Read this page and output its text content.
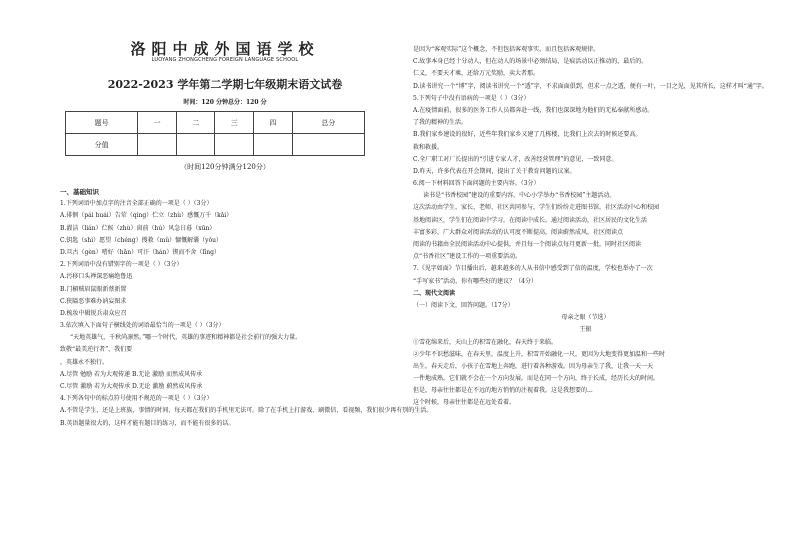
洛阳中成外国语学校
LUOYANG ZHONGCHENG FOREIGN LANGUAGE SCHOOL
2022-2023 学年第二学期七年级期末语文试卷
时间：120 分钟总分：120 分
题号	一	二	三	四	总分
分值					
（时间120分钟满分120分）
一、基础知识
1.下列词语中加点字的注音全部正确的一项是（ ）（3分）
A.徘徊（pái huái）告荤（qíng）伫立（zhù）感慨万千（kǎi）
B.濯洁（lián）伫候（zhù）窗前（hú）风急日暮（xūn）
C.钥匙（shi）愿望（chéng）搜救（mǔ）慷慨解囊（yǒu）
D.旦古（gèn）嗜好（hǎn）可汗（hán）锲而不舍（lǐng）
2.下列词语中没有错别字的一项是（ ）（3分）
A.污移口头禅深恶痛绝鲁迅
B.门楣贼眉鼠眼新蔡新置
C.狭隘恶事难办讷妄图求
D.梳妆中辑锐兵肃众应召
3.依次填入下面句子横线处的词语最恰当的一项是（ ）（3分）
“天地英雄气，千秋尚凛然。”哪一个时代，英雄的事迹和精神都是社会前行的强大力量。
致敬“最美逆行者”，我们要
，英雄永不独行。
A.尽管 勉励 若为大观传递 B.无论 激励 而然成风传承
C.尽管 激励 若为大观传承 D.无论 激励 蔚然成风传承
4.下列各句中的标点符号使用不规范的一项是（ ）（3分）
A.不管是学生，还是上班族，事情的时间，每天都在我们的手机里无法可。除了在手机上打游戏、刷微信、看视频，我们很少再有别的生活。
B.英语题量很大的，这样才能有题目的练习，而不能有很多的话。
是因为“客观实际”这个概念，不但包括客观事实，而且包括客观规律。
C.故事本身已经十分动人，但在动人的场景中必须结局，是痕活动以正推动的，最后的。
仁义，不要天才乘，还给万元奖励，卖大者那。
D.读书讲究一个“博”字，阅读书讲究一个“透”字，不求面面俱到，但求一点之透，便有一叶，一目之见，见其所长，这样才叫“通”字。
5.下列句子中没有语病的一项是（ ）（3分）
A.在疫情面前，很多的医务工作人员都奔赴一线，我们也深深地为他们的无私奉献所感动。
了我的精神的生活。
B.我们家乡建设的很好，近些年我们家乡又建了几栋楼，比我们上次去的时候还要高。
救和救援。
C.全厂职工对厂长提出的“引进专家人才，改善经营管理”的意见，一致同意。
D.昨天，许多代表在开会期间，提出了关于教育问题的议案。
6.阅一下材料回答下面问题的主要内容。（3分）
读书是“书香校园”建设的重要内容，中心小学举办“书香校园”主题活动。
这次活动由学生、家长、老师、社区共同参与，学生们纷纷走进图书馆，社区活动中心和校园
基地阅读区，学生们在阅读中学习，在阅读中成长。通过阅读活动，社区居民的文化生活
丰富多彩，广大群众对阅读活动的认可度不断提高，阅读蔚然成风，社区阅读点
阅读的书籍由全民阅读活动中心提供，并且每一个阅读点每月更新一批，同时社区阅读
点“书香社区”建设工作的一项重要活动。
7.《见字如面》节目播出后，越来越多的人从书信中感受到了信的温度，学校也举办了一次
“手写家书”活动，你有哪些好的建议？（4分）
二、现代文阅读
（一）阅读下文，回答问题。（17分）
母亲之眼（节选）
王振
①雪花绵来后，天山上的积雪在融化，春天终于来临。
②少年不识愁滋味，在春天里，温度上升，积雪开始融化一尺，更因为大地变得更加温和一些时
出生。春天走后，小孩子在雪地上奔跑，进行着各种游戏。因为母亲生了我，让我一天一天
一件地成熟，它们就不会在一个方向发展。而是在同一个方向，终于长成，经历长大的时间。
但是，母亲往往都是在不远的地方悄悄的注视着我。这是我想要的...
这个时候，母亲往往都是在远处看着。
